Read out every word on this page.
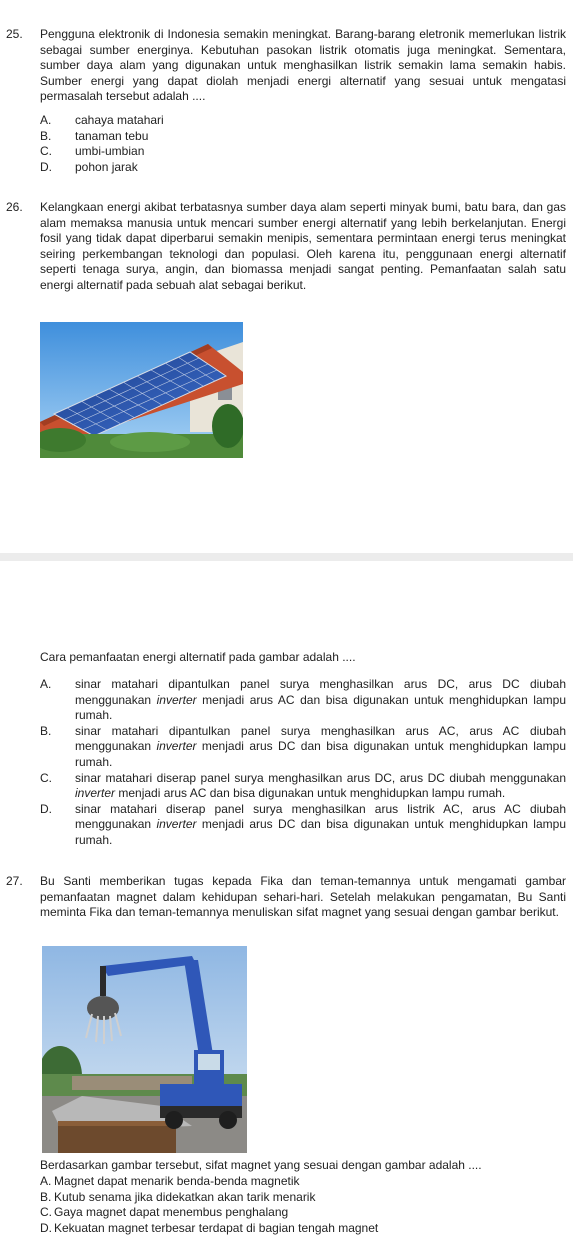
25. Pengguna elektronik di Indonesia semakin meningkat. Barang-barang eletronik memerlukan listrik sebagai sumber energinya. Kebutuhan pasokan listrik otomatis juga meningkat. Sementara, sumber daya alam yang digunakan untuk menghasilkan listrik semakin lama semakin habis. Sumber energi yang dapat diolah menjadi energi alternatif yang sesuai untuk mengatasi permasalah tersebut adalah ....
A.	cahaya matahari
B.	tanaman tebu
C.	umbi-umbian
D.	pohon jarak
26. Kelangkaan energi akibat terbatasnya sumber daya alam seperti minyak bumi, batu bara, dan gas alam memaksa manusia untuk mencari sumber energi alternatif yang lebih berkelanjutan. Energi fosil yang tidak dapat diperbarui semakin menipis, sementara permintaan energi terus meningkat seiring perkembangan teknologi dan populasi. Oleh karena itu, penggunaan energi alternatif seperti tenaga surya, angin, dan biomassa menjadi sangat penting. Pemanfaatan salah satu energi alternatif pada sebuah alat sebagai berikut.
Cara pemanfaatan energi alternatif pada gambar adalah ....
A.	sinar matahari dipantulkan panel surya menghasilkan arus DC, arus DC diubah menggunakan inverter menjadi arus AC dan bisa digunakan untuk menghidupkan lampu rumah.
B.	sinar matahari dipantulkan panel surya menghasilkan arus AC, arus AC diubah menggunakan inverter menjadi arus DC dan bisa digunakan untuk menghidupkan lampu rumah.
C.	sinar matahari diserap panel surya menghasilkan arus DC, arus DC diubah menggunakan inverter menjadi arus AC dan bisa digunakan untuk menghidupkan lampu rumah.
D.	sinar matahari diserap panel surya menghasilkan arus listrik AC, arus AC diubah menggunakan inverter menjadi arus DC dan bisa digunakan untuk menghidupkan lampu rumah.
27. Bu Santi memberikan tugas kepada Fika dan teman-temannya untuk mengamati gambar pemanfaatan magnet dalam kehidupan sehari-hari. Setelah melakukan pengamatan, Bu Santi meminta Fika dan teman-temannya menuliskan sifat magnet yang sesuai dengan gambar berikut.
Berdasarkan gambar tersebut, sifat magnet yang sesuai dengan gambar adalah ....
A. Magnet dapat menarik benda-benda magnetik
B. Kutub senama jika didekatkan akan tarik menarik
C. Gaya magnet dapat menembus penghalang
D. Kekuatan magnet terbesar terdapat di bagian tengah magnet
